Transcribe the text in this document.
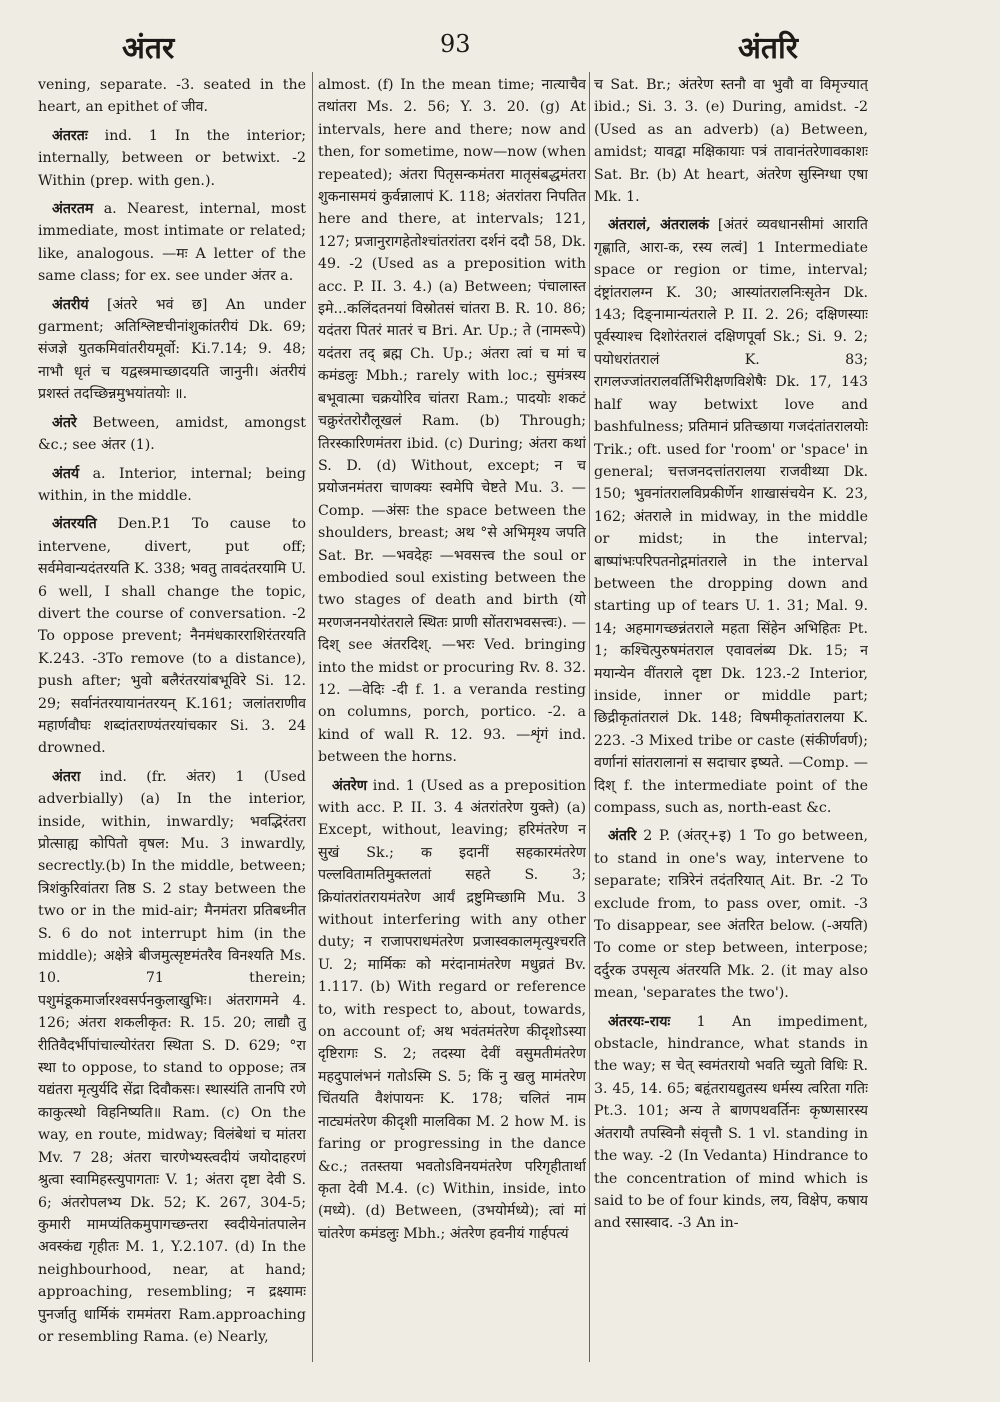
अंतर	93	अंतरि

vening, separate. -3. seated in the heart, an epithet of जीव.

अंतरतः ind. 1 In the interior; internally, between or betwixt. -2 Within (prep. with gen.).

अंतरतम a. Nearest, internal, most immediate, most intimate or related; like, analogous. —मः A letter of the same class; for ex. see under अंतर a.

अंतरीयं [अंतरे भवं छ] An under garment; अतिश्लिष्टचीनांशुकांतरीयं Dk. 69; संजज्ञे युतकमिवांतरीयमूर्वो: Ki.7.14; 9. 48; नाभौ धृतं च यद्वस्त्रमाच्छादयति जानुनी। अंतरीयं प्रशस्तं तदच्छिन्नमुभयांतयोः ॥.

अंतरे Between, amidst, amongst &c.; see अंतर (1).

अंतर्य a. Interior, internal; being within, in the middle.

अंतरयति Den.P.1 To cause to intervene, divert, put off; सर्वमेवान्यदंतरयति K. 338; भवतु तावदंतरयामि U. 6 well, I shall change the topic, divert the course of conversation. -2 To oppose prevent; नैनमंधकारराशिरंतरयति K.243. -3To remove (to a distance), push after; भुवो बलैरंतरयांबभूविरे Si. 12. 29; सर्वानंतरयायानंतरयन् K.161; जलांतराणीव महार्णवौघः शब्दांतराण्यंतरयांचकार Si. 3. 24 drowned.

अंतरा ind. (fr. अंतर) 1 (Used adverbially) (a) In the interior, inside, within, inwardly; भवद्भिरंतरा प्रोत्साह्य कोपितो वृषल: Mu. 3 inwardly, secrectly.(b) In the middle, between; त्रिशंकुरिवांतरा तिष्ठ S. 2 stay between the two or in the mid-air; मैनमंतरा प्रतिबध्नीत S. 6 do not interrupt him (in the middle); अक्षेत्रे बीजमुत्सृष्टमंतरैव विनश्यति Ms. 10. 71 therein; पशुमंडूकमार्जारश्वसर्पनकुलाखुभिः। अंतरागमने 4. 126; अंतरा शकलीकृत: R. 15. 20; लाद्यौ तु रीतिवैदर्भीपांचाल्योरंतरा स्थिता S. D. 629; °रा स्था to oppose, to stand to oppose; तत्र यद्यंतरा मृत्युर्यदि सेंद्रा दिवौकसः। स्थास्यंति तानपि रणे काकुत्स्थो विहनिष्यति॥ Ram. (c) On the way, en route, midway; विलंबेथां च मांतरा Mv. 7 28; अंतरा चारणेभ्यस्त्वदीयं जयोदाहरणं श्रुत्वा स्वामिहस्त्युपागताः V. 1; अंतरा दृष्टा देवी S. 6; अंतरोपलभ्य Dk. 52; K. 267, 304-5; कुमारी मामप्यंतिकमुपागच्छन्तरा स्वदीयेनांतपालेन अवस्कंद्य गृहीतः M. 1, Y.2.107. (d) In the neighbourhood, near, at hand; approaching, resembling; न द्रक्ष्यामः पुनर्जातु धार्मिकं राममंतरा Ram.approaching or resembling Rama. (e) Nearly,

almost. (f) In the mean time; नात्याचैव तथांतरा Ms. 2. 56; Y. 3. 20. (g) At intervals, here and there; now and then, for sometime, now—now (when repeated); अंतरा पितृसन्कमंतरा मातृसंबद्धमंतरा शुकनासमयं कुर्वन्नालापं K. 118; अंतरांतरा निपतित here and there, at intervals; 121, 127; प्रजानुरागहेतोश्चांतरांतरा दर्शनं ददौ 58, Dk. 49. -2 (Used as a preposition with acc. P. II. 3. 4.) (a) Between; पंचालास्त इमे...कलिंदतनयां विस्रोतसं चांतरा B. R. 10. 86; यदंतरा पितरं मातरं च Bri. Ar. Up.; ते (नामरूपे) यदंतरा तद् ब्रह्म Ch. Up.; अंतरा त्वां च मां च कमंडलुः Mbh.; rarely with loc.; सुमंत्रस्य बभूवात्मा चक्रयोरिव चांतरा Ram.; पादयोः शकटं चक्रुरंतरोरौलूखलं Ram. (b) Through; तिरस्कारिणमंतरा ibid. (c) During; अंतरा कथां S. D. (d) Without, except; न च प्रयोजनमंतरा चाणक्यः स्वमेपि चेष्टते Mu. 3. —Comp. —अंसः the space between the shoulders, breast; अथ °से अभिमृश्य जपति Sat. Br. —भवदेहः —भवसत्त्व the soul or embodied soul existing between the two stages of death and birth (यो मरणजननयोरंतराले स्थितः प्राणी सोंतराभवसत्त्वः). —दिश् see अंतरदिश्. —भरः Ved. bringing into the midst or procuring Rv. 8. 32. 12. —वेदिः -दी f. 1. a veranda resting on columns, porch, portico. -2. a kind of wall R. 12. 93. —शृंगं ind. between the horns.

अंतरेण ind. 1 (Used as a preposition with acc. P. II. 3. 4 अंतरांतरेण युक्ते) (a) Except, without, leaving; हरिमंतरेण न सुखं Sk.; क इदानीं सहकारमंतरेण पल्लवितामतिमुक्तलतां सहते S. 3; क्रियांतरांतरायमंतरेण आर्यं द्रष्टुमिच्छामि Mu. 3 without interfering with any other duty; न राजापराधमंतरेण प्रजास्वकालमृत्युश्चरति U. 2; मार्मिकः को मरंदानामंतरेण मधुव्रतं Bv. 1.117. (b) With regard or reference to, with respect to, about, towards, on account of; अथ भवंतमंतरेण कीदृशोऽस्या दृष्टिरागः S. 2; तदस्या देवीं वसुमतीमंतरेण महदुपालंभनं गतोऽस्मि S. 5; किं नु खलु मामंतरेण चिंतयति वैशंपायनः K. 178; चलितं नाम नाट्यमंतरेण कीदृशी मालविका M. 2 how M. is faring or progressing in the dance &c.; ततस्तया भवतोऽविनयमंतरेण परिगृहीतार्था कृता देवी M.4. (c) Within, inside, into (मध्ये). (d) Between, (उभयोर्मध्ये); त्वां मां चांतरेण कमंडलुः Mbh.; अंतरेण हवनीयं गार्हपत्यं

च Sat. Br.; अंतरेण स्तनौ वा भुवौ वा विमृज्यात् ibid.; Si. 3. 3. (e) During, amidst. -2 (Used as an adverb) (a) Between, amidst; यावद्वा मक्षिकायाः पत्रं तावानंतरेणावकाशः Sat. Br. (b) At heart, अंतरेण सुस्निग्धा एषा Mk. 1.

अंतरालं, अंतरालकं [अंतरं व्यवधानसीमां आराति गृह्णाति, आरा-क, रस्य लत्वं] 1 Intermediate space or region or time, interval; दंष्ट्रांतरालग्न K. 30; आस्यांतरालनिःसृतेन Dk. 143; दिङ्नामान्यंतराले P. II. 2. 26; दक्षिणस्याः पूर्वस्याश्च दिशोरंतरालं दक्षिणपूर्वा Sk.; Si. 9. 2; पयोधरांतरालं K. 83; रागलज्जांतरालवर्तिभिरीक्षणविशेषैः Dk. 17, 143 half way betwixt love and bashfulness; प्रतिमानं प्रतिच्छाया गजदंतांतरालयोः Trik.; oft. used for 'room' or 'space' in general; चत्तजनदत्तांतरालया राजवीथ्या Dk. 150; भुवनांतरालविप्रकीर्णेन शाखासंचयेन K. 23, 162; अंतराले in midway, in the middle or midst; in the interval; बाष्पांभःपरिपतनोद्गमांतराले in the interval between the dropping down and starting up of tears U. 1. 31; Mal. 9. 14; अहमागच्छन्नंतराले महता सिंहेन अभिहितः Pt. 1; कश्चित्पुरुषमंतराल एवावलंब्य Dk. 15; न मयान्येन वींतराले दृष्टा Dk. 123.-2 Interior, inside, inner or middle part; छिद्रीकृतांतरालं Dk. 148; विषमीकृतांतरालया K. 223. -3 Mixed tribe or caste (संकीर्णवर्ण); वर्णानां सांतरालानां स सदाचार इष्यते. —Comp. —दिश् f. the intermediate point of the compass, such as, north-east &c.

अंतरि 2 P. (अंतर्+इ) 1 To go between, to stand in one's way, intervene to separate; रात्रिरेनं तदंतरियात् Ait. Br. -2 To exclude from, to pass over, omit. -3 To disappear, see अंतरित below. (-अयति) To come or step between, interpose; दर्दुरक उपसृत्य अंतरयति Mk. 2. (it may also mean, 'separates the two').

अंतरयः-रायः 1 An impediment, obstacle, hindrance, what stands in the way; स चेत् स्वमंतरायो भवति च्युतो विधिः R. 3. 45, 14. 65; बहृंतरायद्युतस्य धर्मस्य त्वरिता गतिः Pt.3. 101; अन्य ते बाणपथवर्तिनः कृष्णसारस्य अंतरायौ तपस्विनौ संवृत्तौ S. 1 vl. standing in the way. -2 (In Vedanta) Hindrance to the concentration of mind which is said to be of four kinds, लय, विक्षेप, कषाय and रसास्वाद. -3 An in-
